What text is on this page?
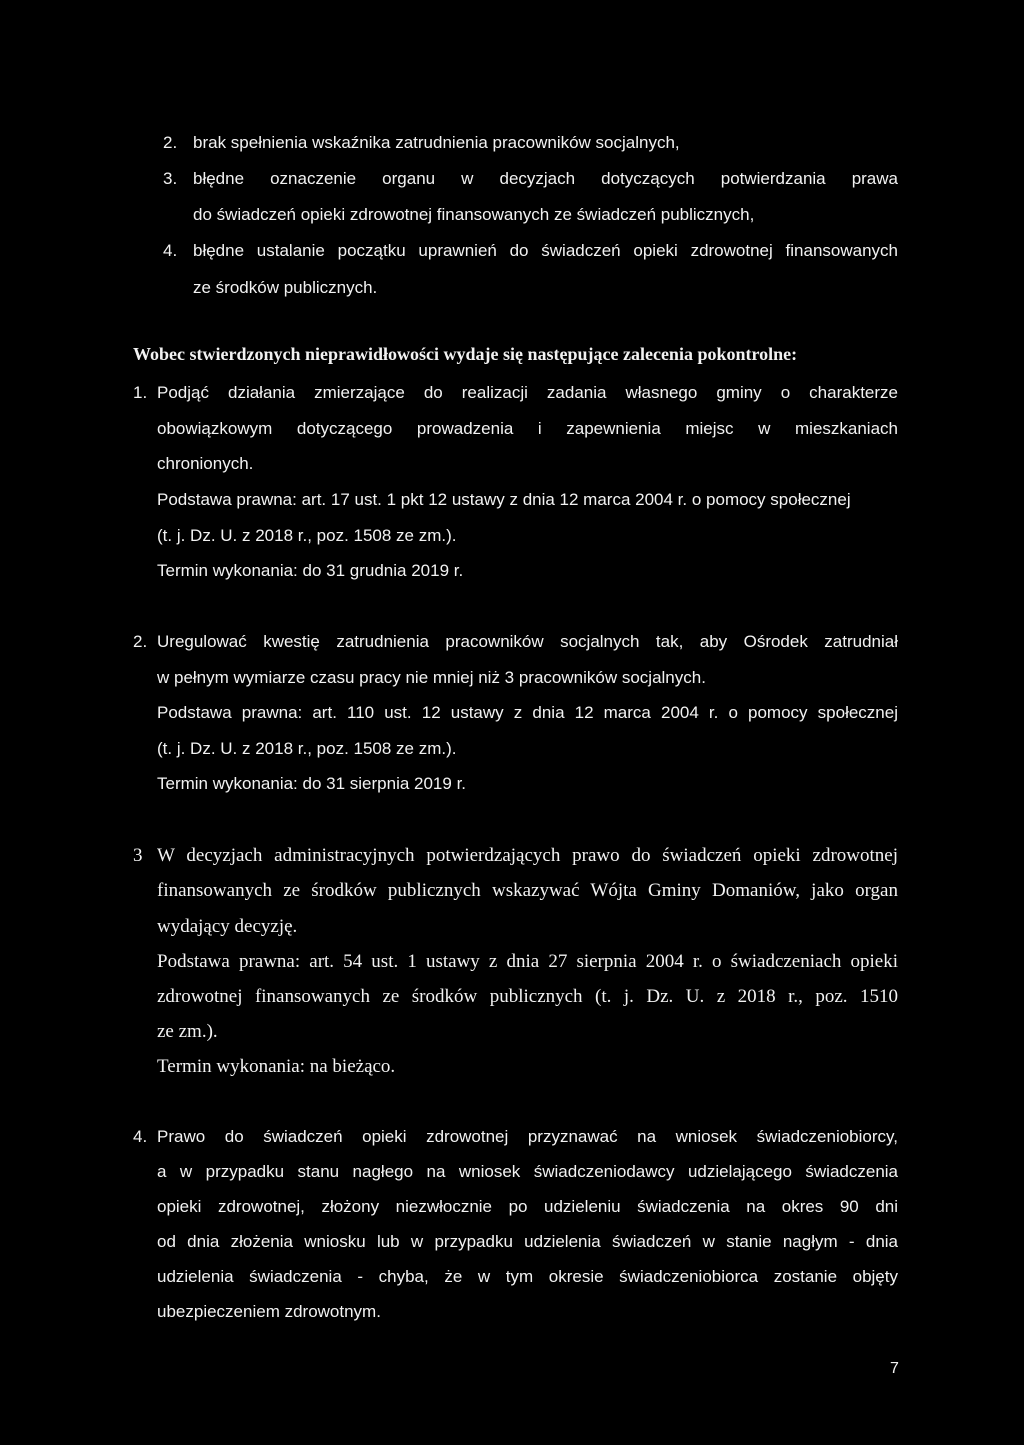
2. brak spełnienia wskaźnika zatrudnienia pracowników socjalnych,
3. błędne oznaczenie organu w decyzjach dotyczących potwierdzania prawa
do świadczeń opieki zdrowotnej finansowanych ze świadczeń publicznych,
4. błędne ustalanie początku uprawnień do świadczeń opieki zdrowotnej finansowanych
ze środków publicznych.
Wobec stwierdzonych nieprawidłowości wydaje się następujące zalecenia pokontrolne:
1. Podjąć działania zmierzające do realizacji zadania własnego gminy o charakterze
obowiązkowym dotyczącego prowadzenia i zapewnienia miejsc w mieszkaniach
chronionych.
Podstawa prawna: art. 17 ust. 1 pkt 12 ustawy z dnia 12 marca 2004 r. o pomocy społecznej
(t. j. Dz. U. z 2018 r., poz. 1508 ze zm.).
Termin wykonania: do 31 grudnia 2019 r.
2. Uregulować kwestię zatrudnienia pracowników socjalnych tak, aby Ośrodek zatrudniał
w pełnym wymiarze czasu pracy nie mniej niż 3 pracowników socjalnych.
Podstawa prawna: art. 110 ust. 12 ustawy z dnia 12 marca 2004 r. o pomocy społecznej
(t. j. Dz. U. z 2018 r., poz. 1508 ze zm.).
Termin wykonania: do 31 sierpnia 2019 r.
3 W decyzjach administracyjnych potwierdzających prawo do świadczeń opieki zdrowotnej
finansowanych ze środków publicznych wskazywać Wójta Gminy Domaniów, jako organ
wydający decyzję.
Podstawa prawna: art. 54 ust. 1 ustawy z dnia 27 sierpnia 2004 r. o świadczeniach opieki
zdrowotnej finansowanych ze środków publicznych (t. j. Dz. U. z 2018 r., poz. 1510
ze zm.).
Termin wykonania: na bieżąco.
4. Prawo do świadczeń opieki zdrowotnej przyznawać na wniosek świadczeniobiorcy,
a w przypadku stanu nagłego na wniosek świadczeniodawcy udzielającego świadczenia
opieki zdrowotnej, złożony niezwłocznie po udzieleniu świadczenia na okres 90 dni
od dnia złożenia wniosku lub w przypadku udzielenia świadczeń w stanie nagłym - dnia
udzielenia świadczenia - chyba, że w tym okresie świadczeniobiorca zostanie objęty
ubezpieczeniem zdrowotnym.
7
